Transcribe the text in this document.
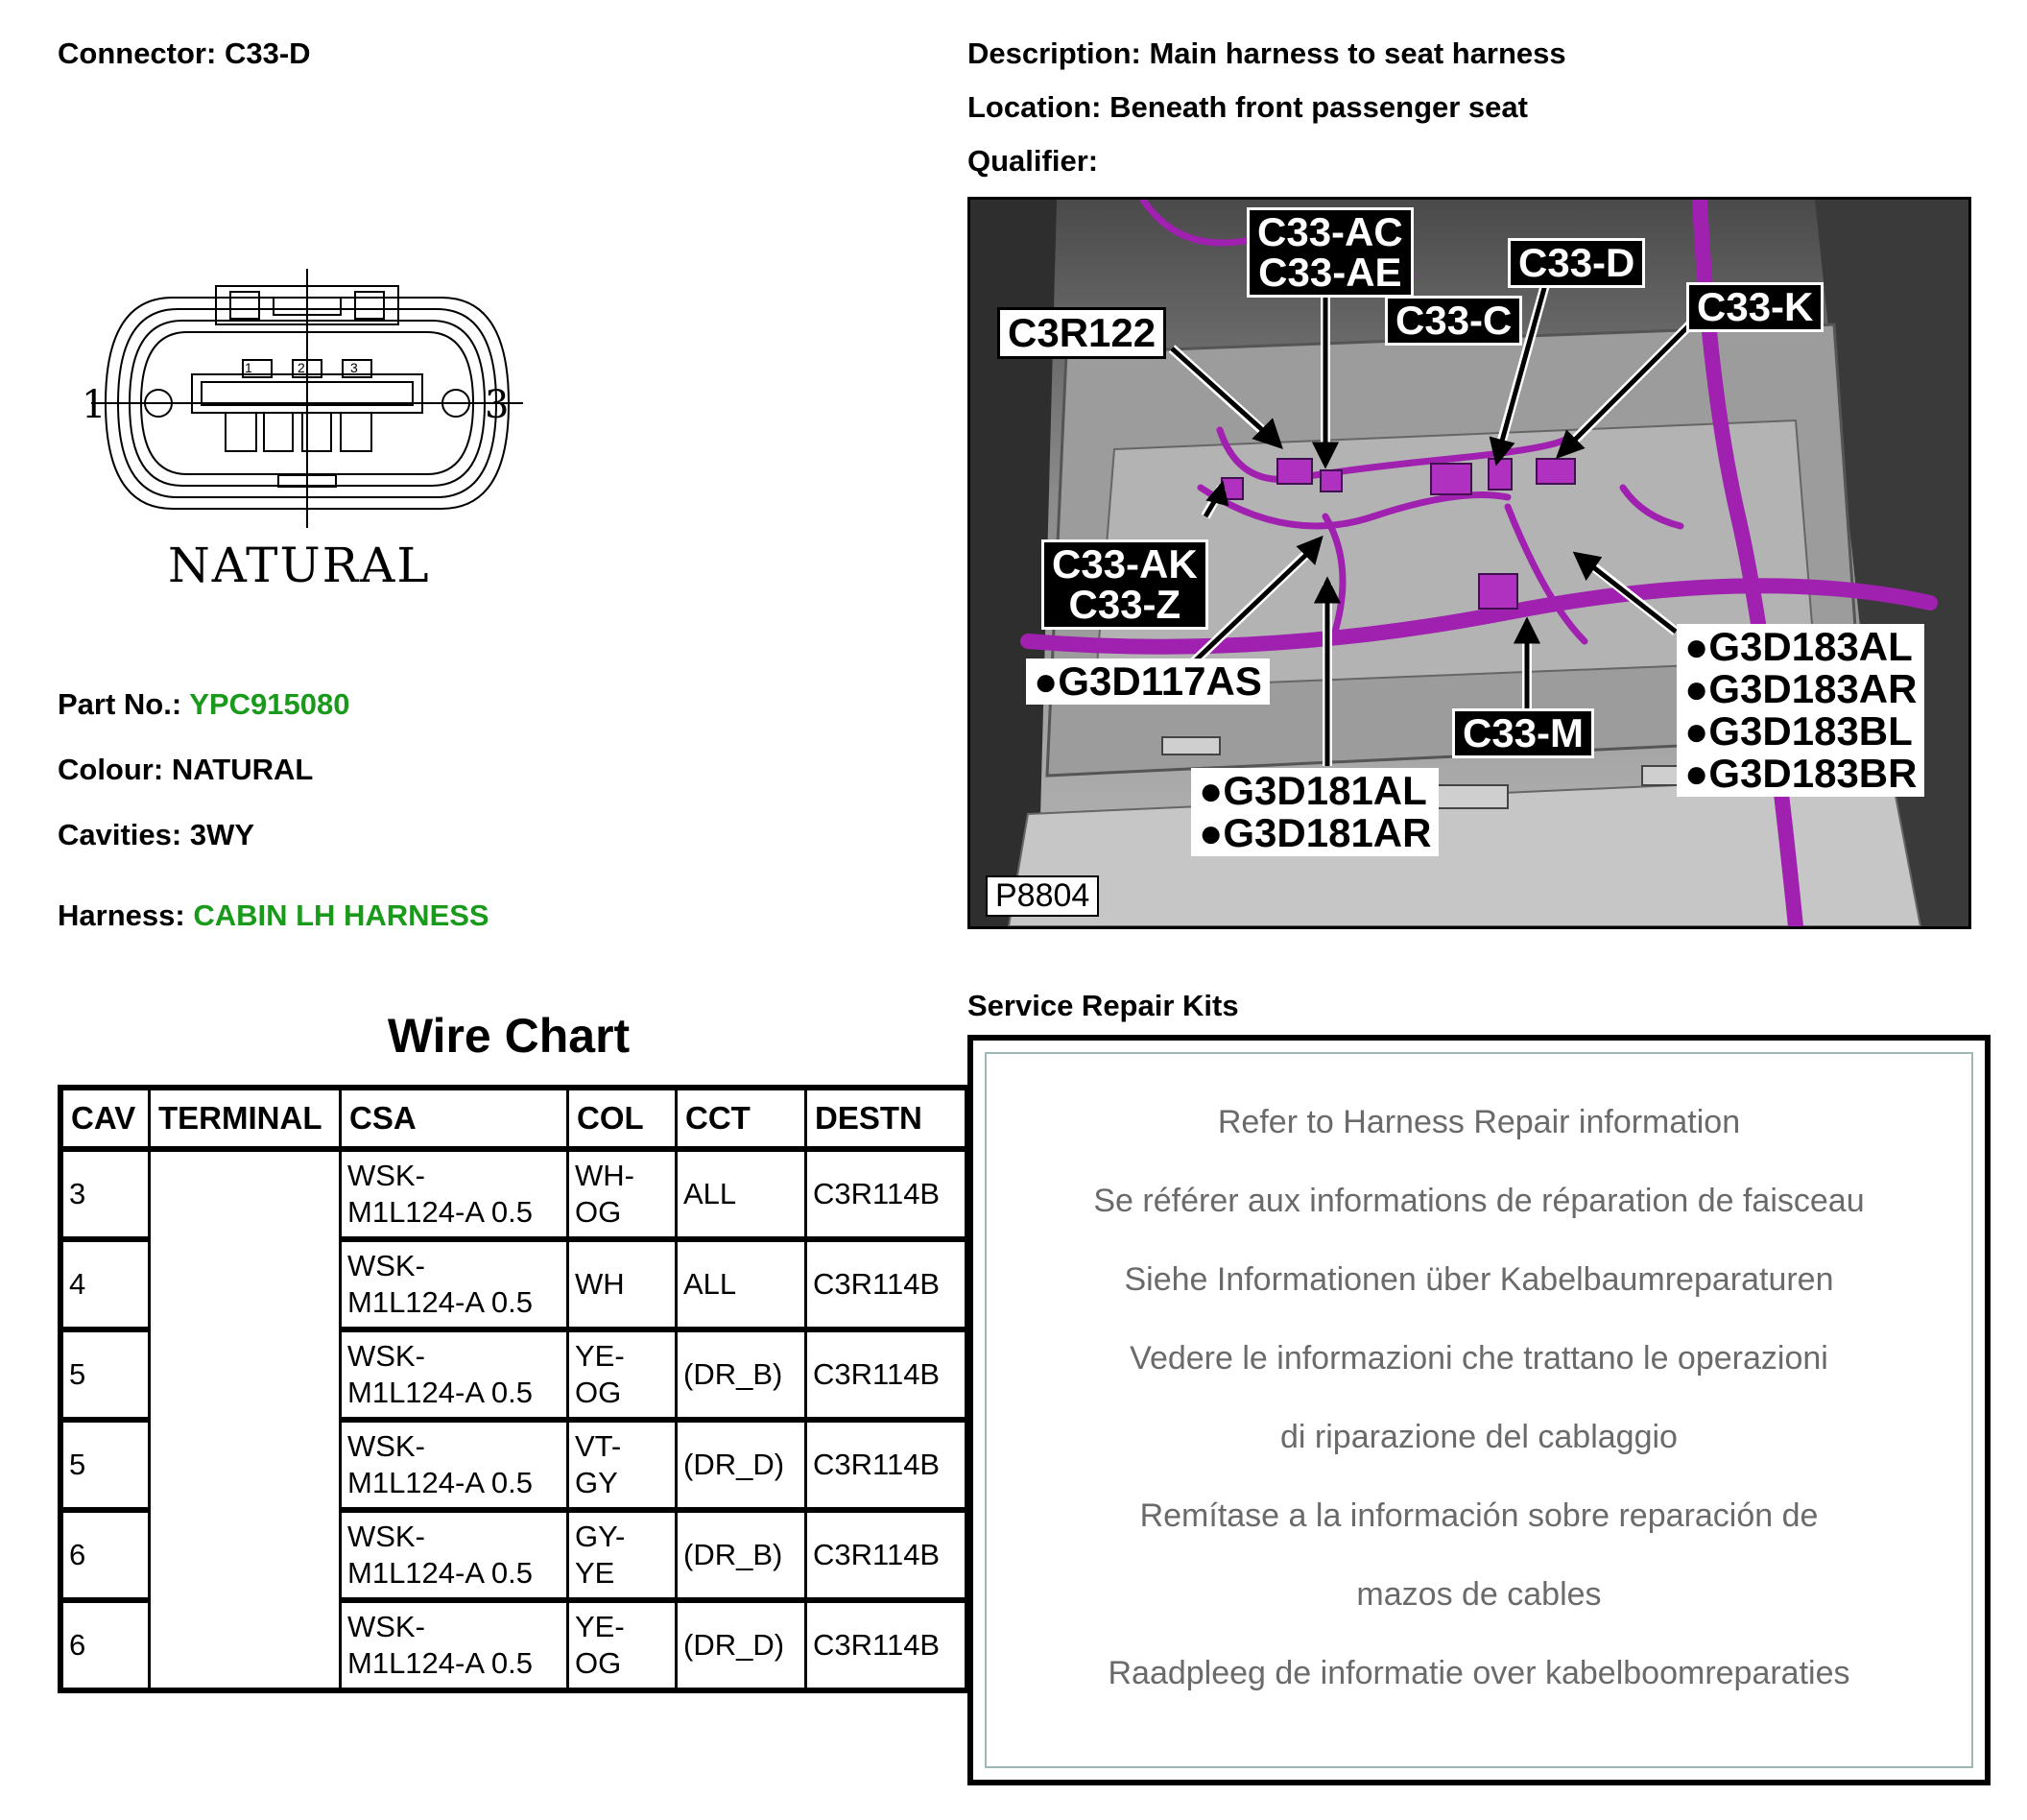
Connector: C33-D	Description: Main harness to seat harness
Location: Beneath front passenger seat
Qualifier:
1	3
1	2	3
NATURAL
Part No.: YPC915080
Colour: NATURAL
Cavities: 3WY
Harness: CABIN LH HARNESS
Wire Chart
CAV	TERMINAL	CSA	COL	CCT	DESTN
3		WSK-
M1L124-A 0.5	WH-
OG	ALL	C3R114B
4		WSK-
M1L124-A 0.5	WH	ALL	C3R114B
5		WSK-
M1L124-A 0.5	YE-
OG	(DR_B)	C3R114B
5		WSK-
M1L124-A 0.5	VT-
GY	(DR_D)	C3R114B
6		WSK-
M1L124-A 0.5	GY-
YE	(DR_B)	C3R114B
6		WSK-
M1L124-A 0.5	YE-
OG	(DR_D)	C3R114B
C33-AC
C33-AE	C33-D
C33-C	C33-K
C3R122
C33-AK
C33-Z
●G3D117AS
C33-M
●G3D181AL
●G3D181AR
●G3D183AL
●G3D183AR
●G3D183BL
●G3D183BR
P8804
Service Repair Kits
Refer to Harness Repair information
Se référer aux informations de réparation de faisceau
Siehe Informationen über Kabelbaumreparaturen
Vedere le informazioni che trattano le operazioni
di riparazione del cablaggio
Remítase a la información sobre reparación de
mazos de cables
Raadpleeg de informatie over kabelboomreparaties
